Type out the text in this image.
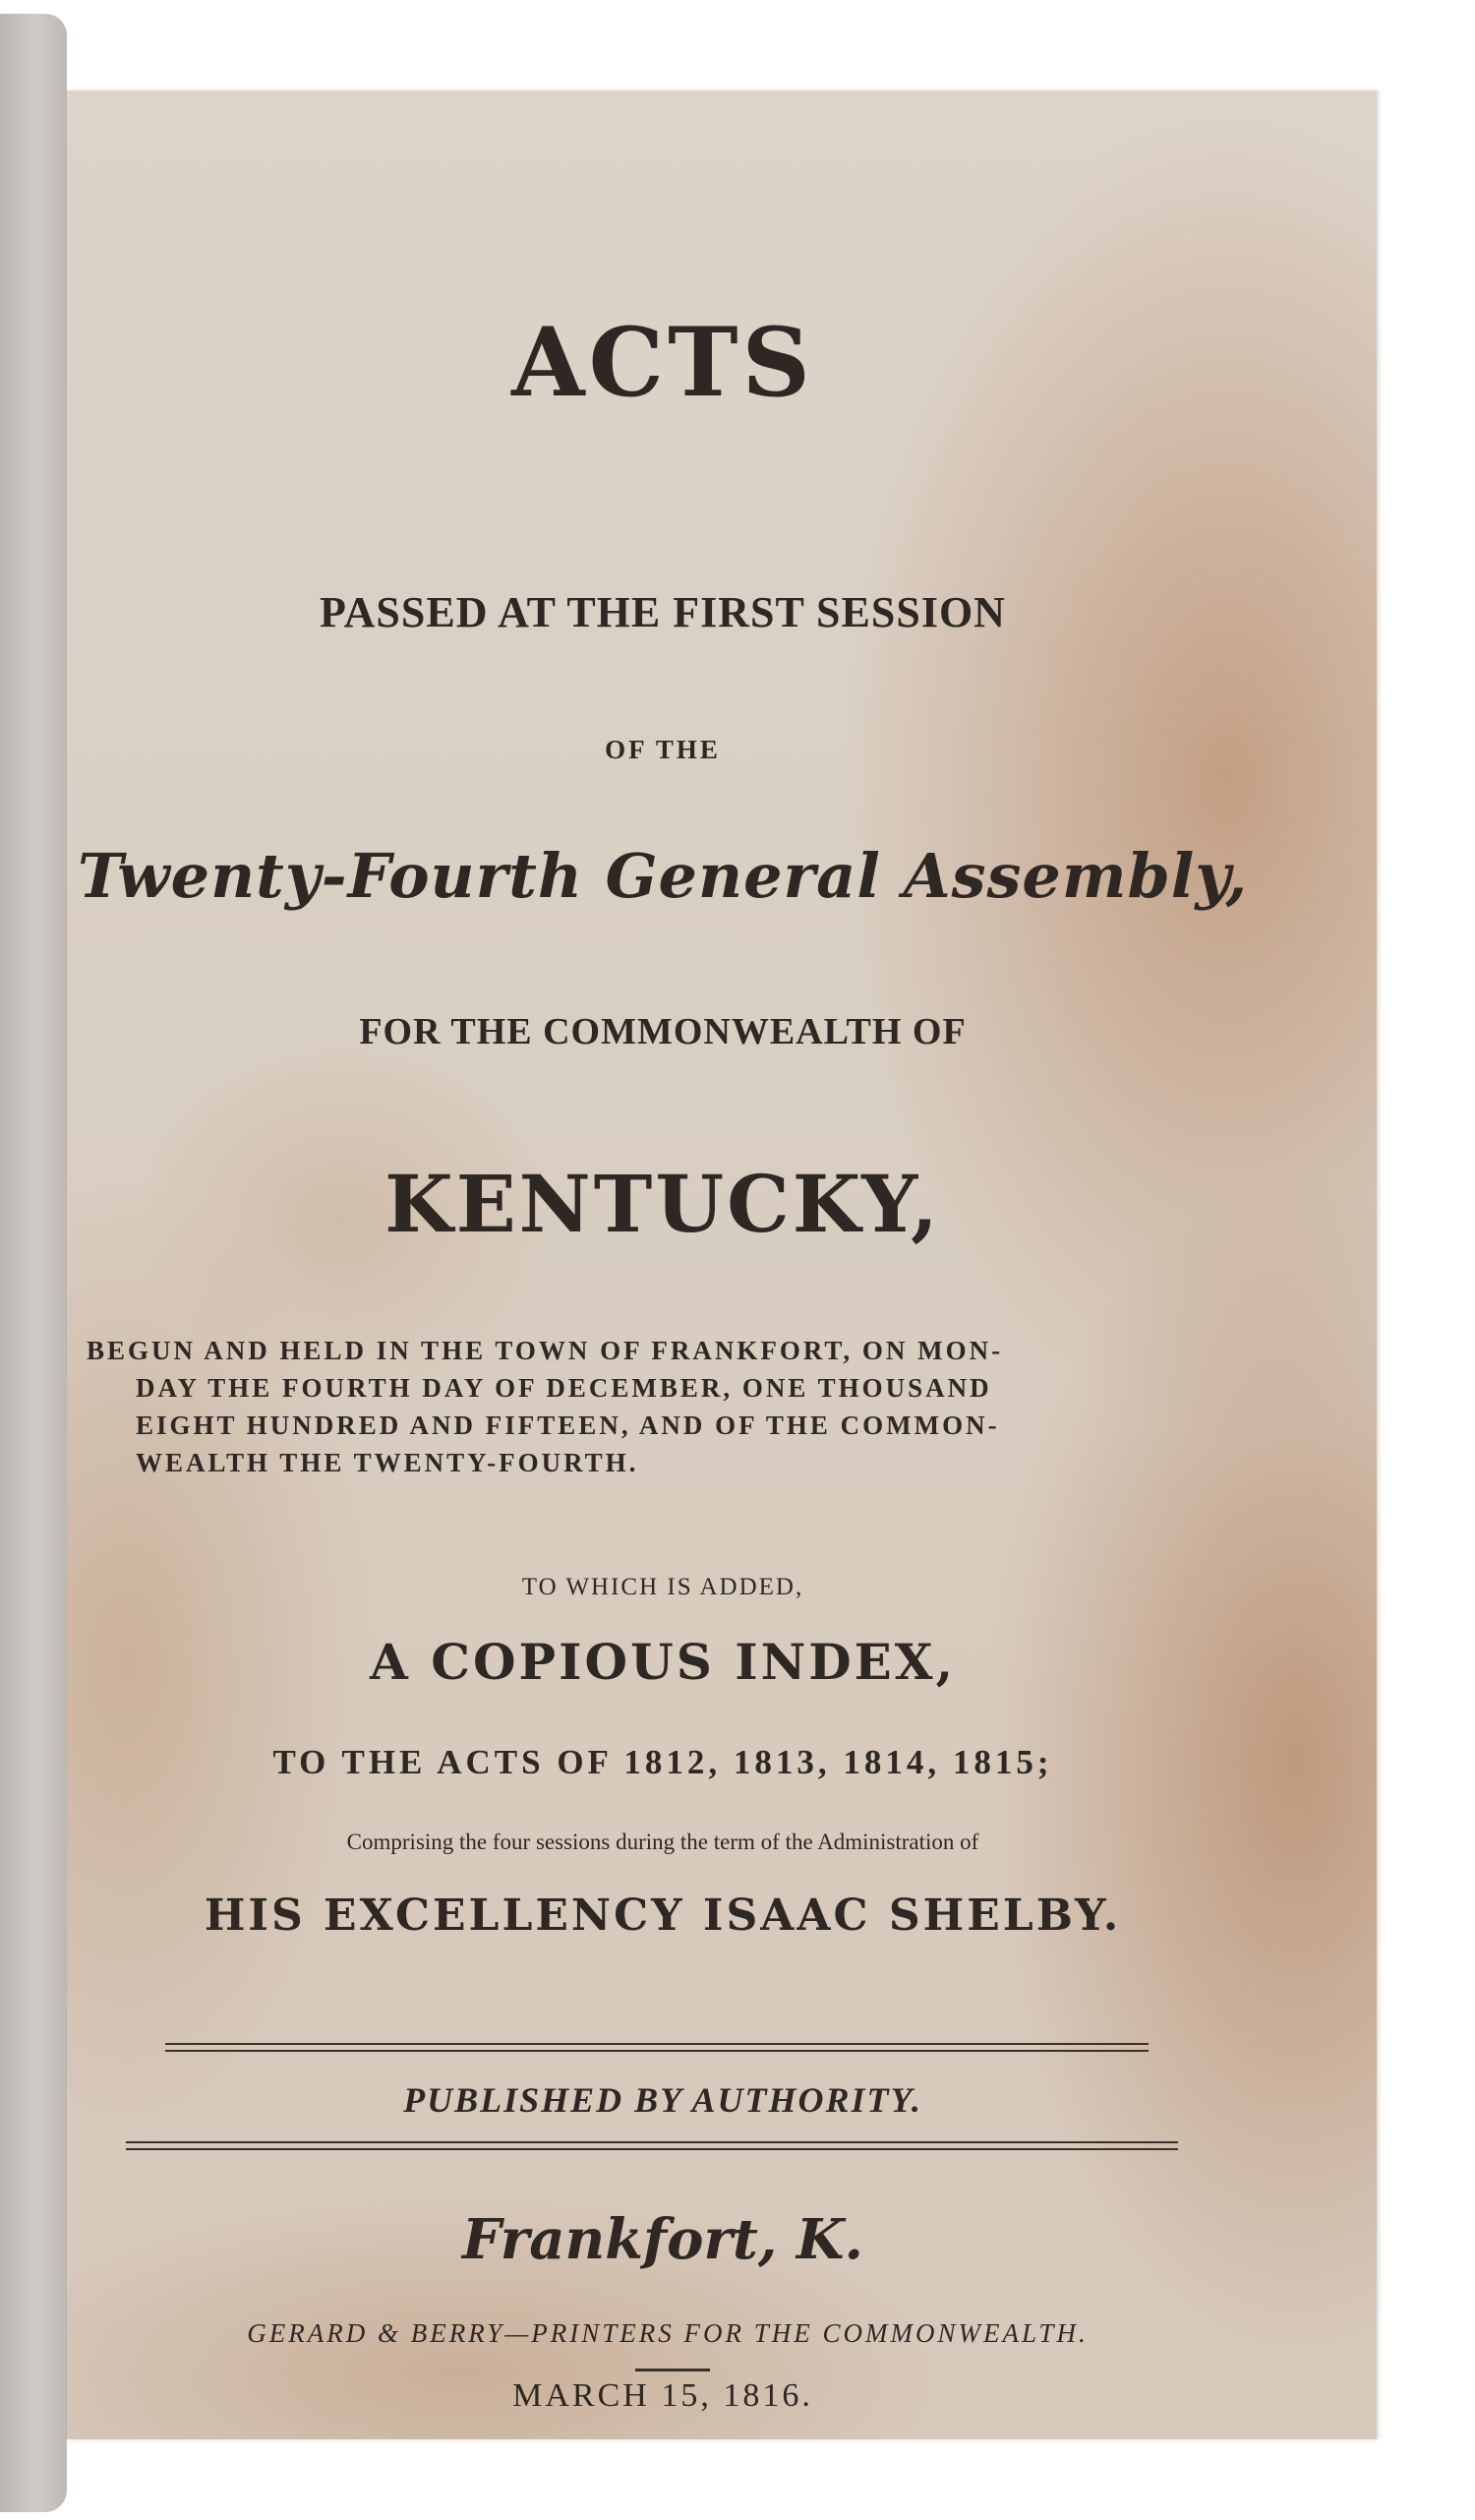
ACTS
PASSED AT THE FIRST SESSION
OF THE
Twenty-Fourth General Assembly,
FOR THE COMMONWEALTH OF
KENTUCKY,
BEGUN AND HELD IN THE TOWN OF FRANKFORT, ON MON-
DAY THE FOURTH DAY OF DECEMBER, ONE THOUSAND
EIGHT HUNDRED AND FIFTEEN, AND OF THE COMMON-
WEALTH THE TWENTY-FOURTH.
TO WHICH IS ADDED,
A COPIOUS INDEX,
TO THE ACTS OF 1812, 1813, 1814, 1815;
Comprising the four sessions during the term of the Administration of
HIS EXCELLENCY ISAAC SHELBY.
PUBLISHED BY AUTHORITY.
Frankfort, K.
GERARD & BERRY—PRINTERS FOR THE COMMONWEALTH.
MARCH 15, 1816.
